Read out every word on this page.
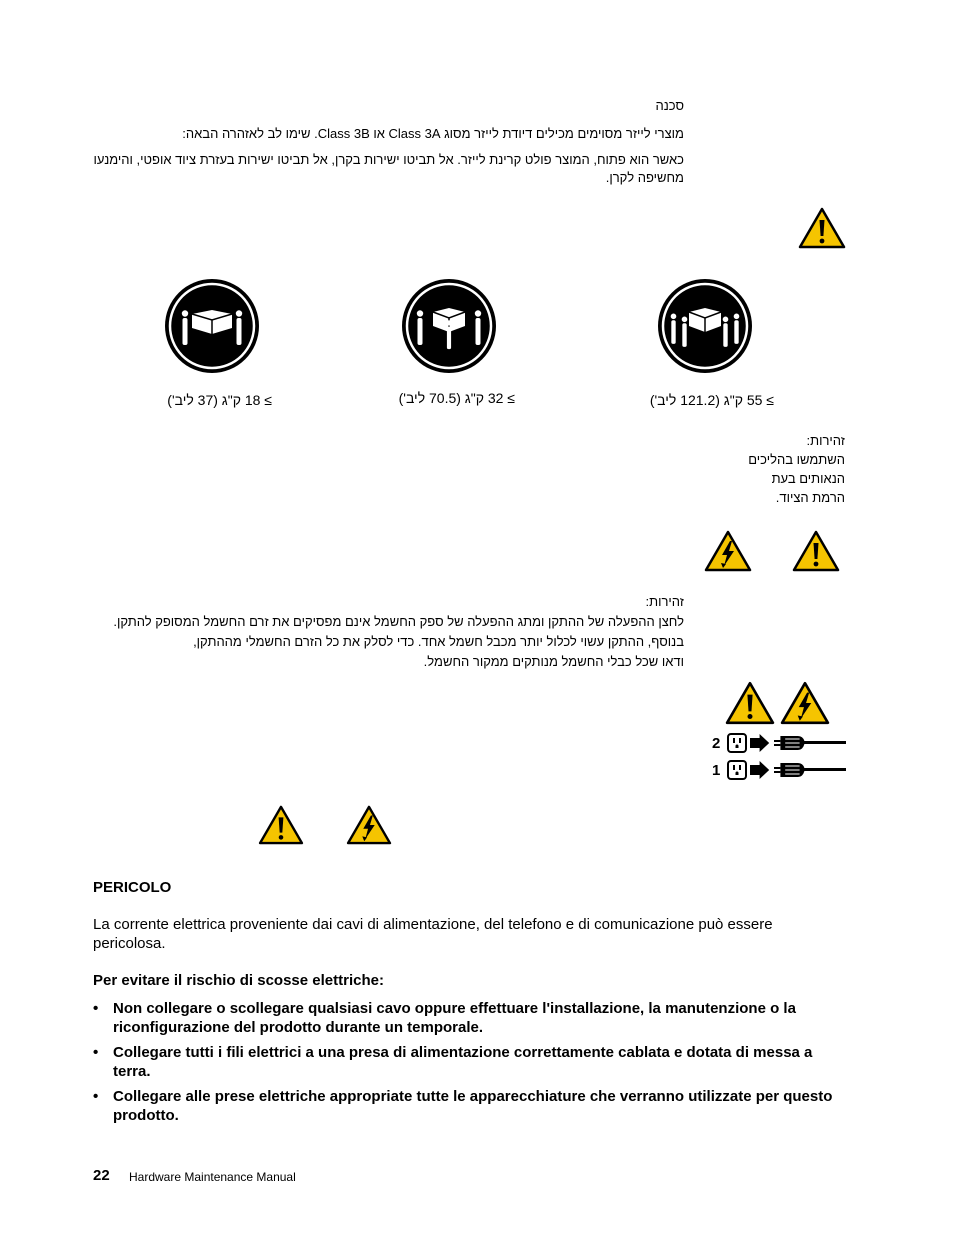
סכנה
מוצרי לייזר מסוימים מכילים דיודת לייזר מסוג Class 3A או Class 3B. שימו לב לאזהרה הבאה:
כאשר הוא פתוח, המוצר פולט קרינת לייזר. אל תביטו ישירות בקרן, אל תביטו ישירות בעזרת ציוד אופטי, והימנעו מחשיפה לקרן.
≥ 18 ק"ג (37 ליב')	≥ 32 ק"ג (70.5 ליב')	≥ 55 ק"ג (121.2 ליב')
זהירות:
השתמשו בהליכים
הנאותים בעת
הרמת הציוד.
זהירות:
לחצן ההפעלה של ההתקן ומתג ההפעלה של ספק החשמל אינם מפסיקים את זרם החשמל המסופק להתקן.
בנוסף, ההתקן עשוי לכלול יותר מכבל חשמל אחד. כדי לסלק את כל הזרם החשמלי מההתקן,
ודאו שכל כבלי החשמל מנותקים ממקור החשמל.
2
1
PERICOLO
La corrente elettrica proveniente dai cavi di alimentazione, del telefono e di comunicazione può essere pericolosa.
Per evitare il rischio di scosse elettriche:
• Non collegare o scollegare qualsiasi cavo oppure effettuare l'installazione, la manutenzione o la riconfigurazione del prodotto durante un temporale.
• Collegare tutti i fili elettrici a una presa di alimentazione correttamente cablata e dotata di messa a terra.
• Collegare alle prese elettriche appropriate tutte le apparecchiature che verranno utilizzate per questo prodotto.
22 Hardware Maintenance Manual
